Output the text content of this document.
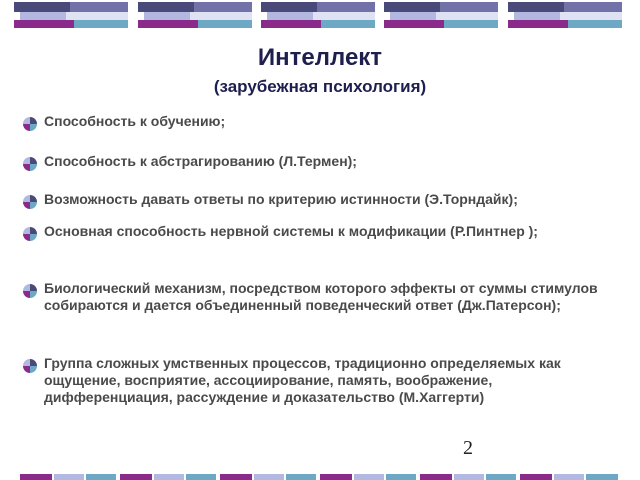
Интеллект
(зарубежная психология)
Способность к обучению;
Способность к абстрагированию (Л.Термен);
Возможность давать ответы по критерию истинности (Э.Торндайк);
Основная способность нервной системы к модификации (Р.Пинтнер );
Биологический механизм, посредством которого эффекты от суммы стимулов собираются и дается объединенный поведенческий ответ (Дж.Патерсон);
Группа сложных умственных процессов, традиционно определяемых как ощущение, восприятие, ассоциирование, память, воображение, дифференциация, рассуждение и доказательство (М.Хаггерти)
2
